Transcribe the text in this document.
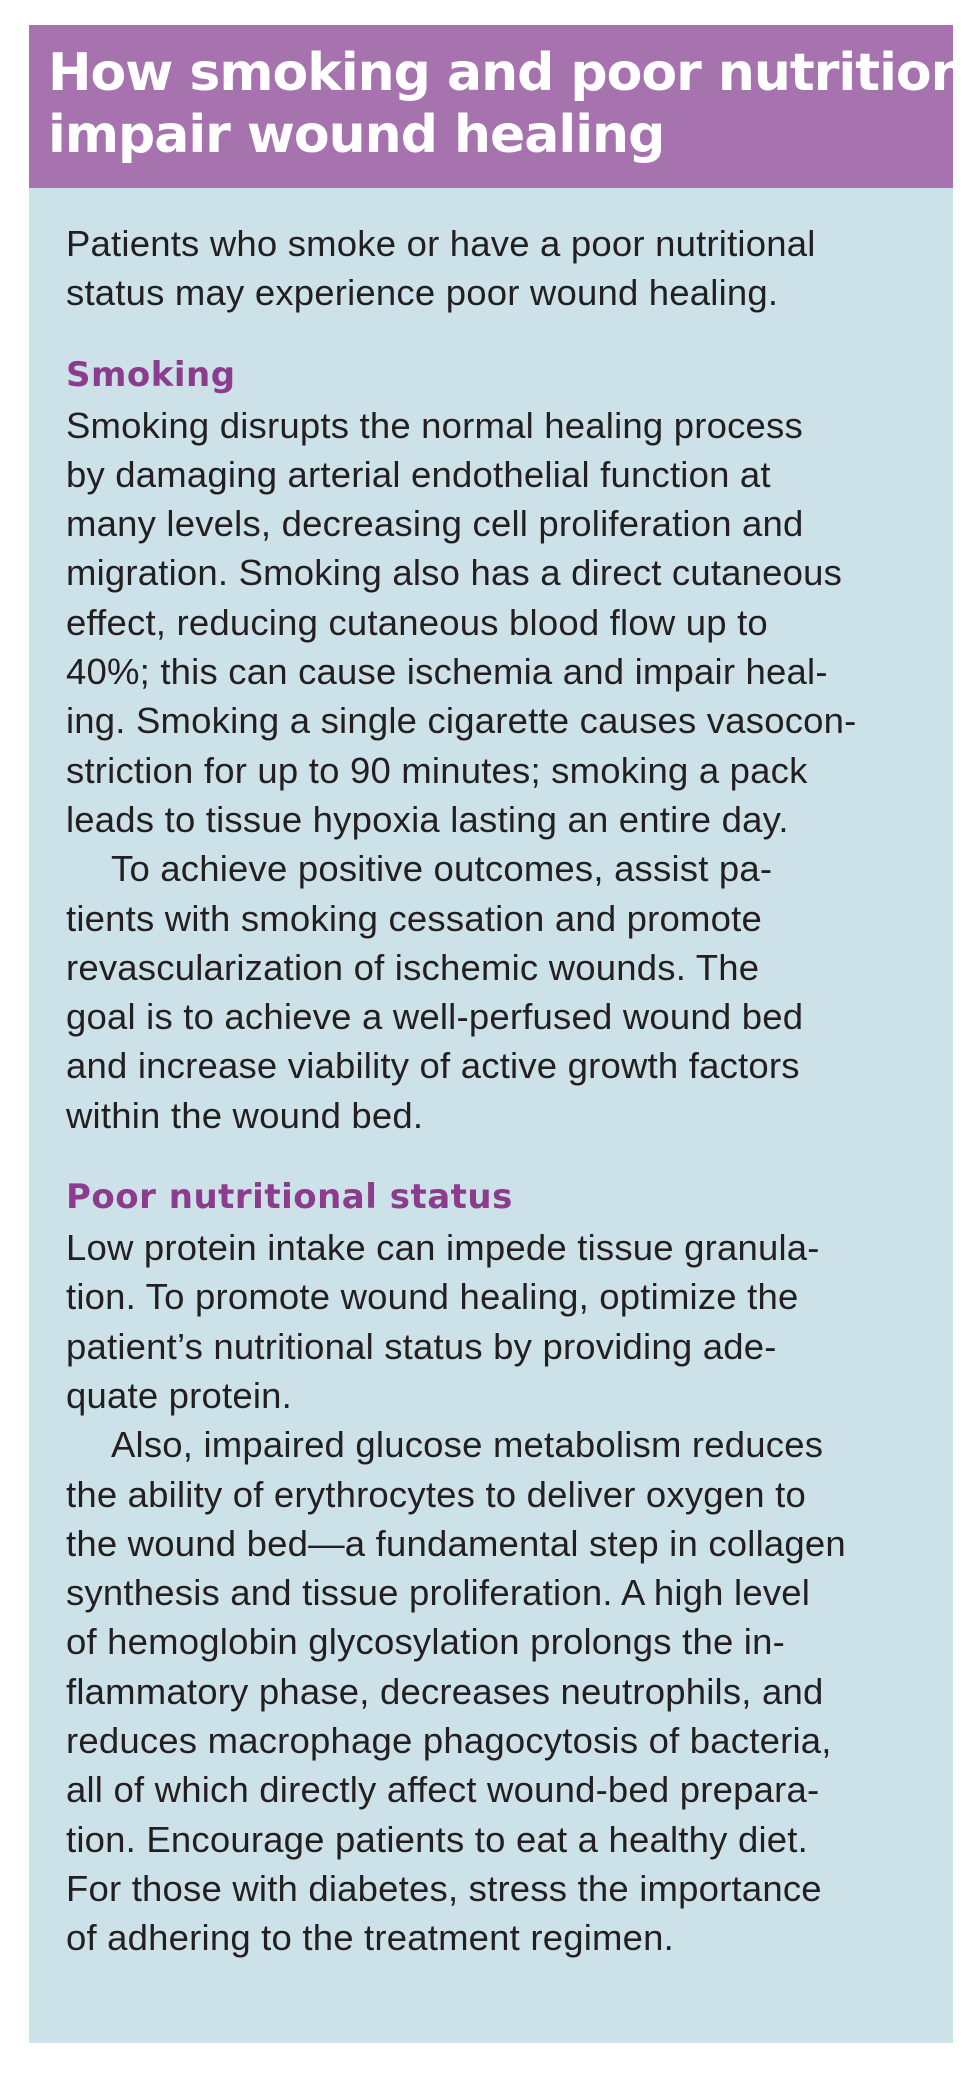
How smoking and poor nutrition
impair wound healing
Patients who smoke or have a poor nutritional
status may experience poor wound healing.
Smoking
Smoking disrupts the normal healing process
by damaging arterial endothelial function at
many levels, decreasing cell proliferation and
migration. Smoking also has a direct cutaneous
effect, reducing cutaneous blood flow up to
40%; this can cause ischemia and impair heal-
ing. Smoking a single cigarette causes vasocon-
striction for up to 90 minutes; smoking a pack
leads to tissue hypoxia lasting an entire day.
To achieve positive outcomes, assist pa-
tients with smoking cessation and promote
revascularization of ischemic wounds. The
goal is to achieve a well-perfused wound bed
and increase viability of active growth factors
within the wound bed.
Poor nutritional status
Low protein intake can impede tissue granula-
tion. To promote wound healing, optimize the
patient’s nutritional status by providing ade-
quate protein.
Also, impaired glucose metabolism reduces
the ability of erythrocytes to deliver oxygen to
the wound bed—a fundamental step in collagen
synthesis and tissue proliferation. A high level
of hemoglobin glycosylation prolongs the in-
flammatory phase, decreases neutrophils, and
reduces macrophage phagocytosis of bacteria,
all of which directly affect wound-bed prepara-
tion. Encourage patients to eat a healthy diet.
For those with diabetes, stress the importance
of adhering to the treatment regimen.
